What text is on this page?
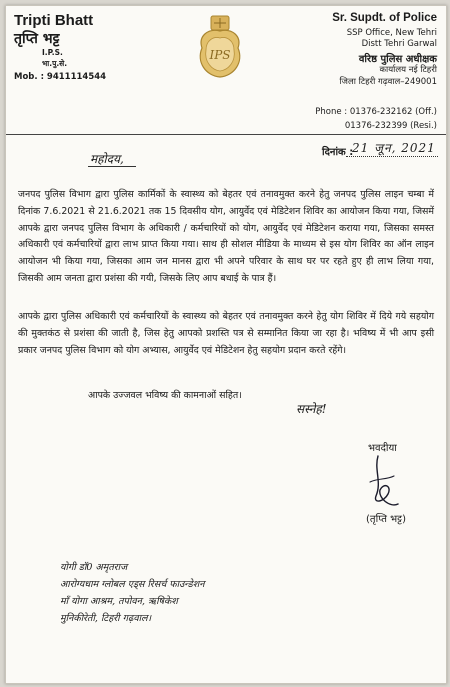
Tripti Bhatt
तृप्ति भट्ट
I.P.S.
भा.पु.से.
Mob. : 9411114544
IPS
Sr. Supdt. of Police
SSP Office, New Tehri
Distt Tehri Garwal
वरिष्ठ पुलिस अधीक्षक
कार्यालय नई टिहरी
जिला टिहरी गढ़वाल–249001
Phone : 01376-232162 (Off.)
01376-232399 (Resi.)
महोदय,	दिनांक :
21 जून, 2021
जनपद पुलिस विभाग द्वारा पुलिस कार्मिकों के स्वास्थ्य को बेहतर एवं तनावमुक्त करने हेतु जनपद पुलिस लाइन चम्बा में दिनांक 7.6.2021 से 21.6.2021 तक 15 दिवसीय योग, आयुर्वेद एवं मेडिटेशन शिविर का आयोजन किया गया, जिसमें आपके द्वारा जनपद पुलिस विभाग के अधिकारी / कर्मचारियों को योग, आयुर्वेद एवं मेडिटेशन कराया गया, जिसका समस्त अधिकारी एवं कर्मचारियों द्वारा लाभ प्राप्त किया गया। साथ ही सोशल मीडिया के माध्यम से इस योग शिविर का ऑन लाइन आयोजन भी किया गया, जिसका आम जन मानस द्वारा भी अपने परिवार के साथ घर पर रहते हुए ही लाभ लिया गया, जिसकी आम जनता द्वारा प्रशंसा की गयी, जिसके लिए आप बधाई के पात्र हैं।
आपके द्वारा पुलिस अधिकारी एवं कर्मचारियों के स्वास्थ्य को बेहतर एवं तनावमुक्त करने हेतु योग शिविर में दिये गये सहयोग की मुक्तकंठ से प्रशंसा की जाती है, जिस हेतु आपको प्रशस्ति पत्र से सम्मानित किया जा रहा है। भविष्य में भी आप इसी प्रकार जनपद पुलिस विभाग को योग अभ्यास, आयुर्वेद एवं मेडिटेशन हेतु सहयोग प्रदान करते रहेंगे।
आपके उज्जवल भविष्य की कामनाओं सहित।
सस्नेह!
भवदीया
(तृप्ति भट्ट)
योगी डॉ0 अमृतराज
आरोग्यधाम ग्लोबल एड्स रिसर्च फाउन्डेशन
माँ योगा आश्रम, तपोवन, ऋषिकेश
मुनिकीरेती, टिहरी गढ़वाल।
